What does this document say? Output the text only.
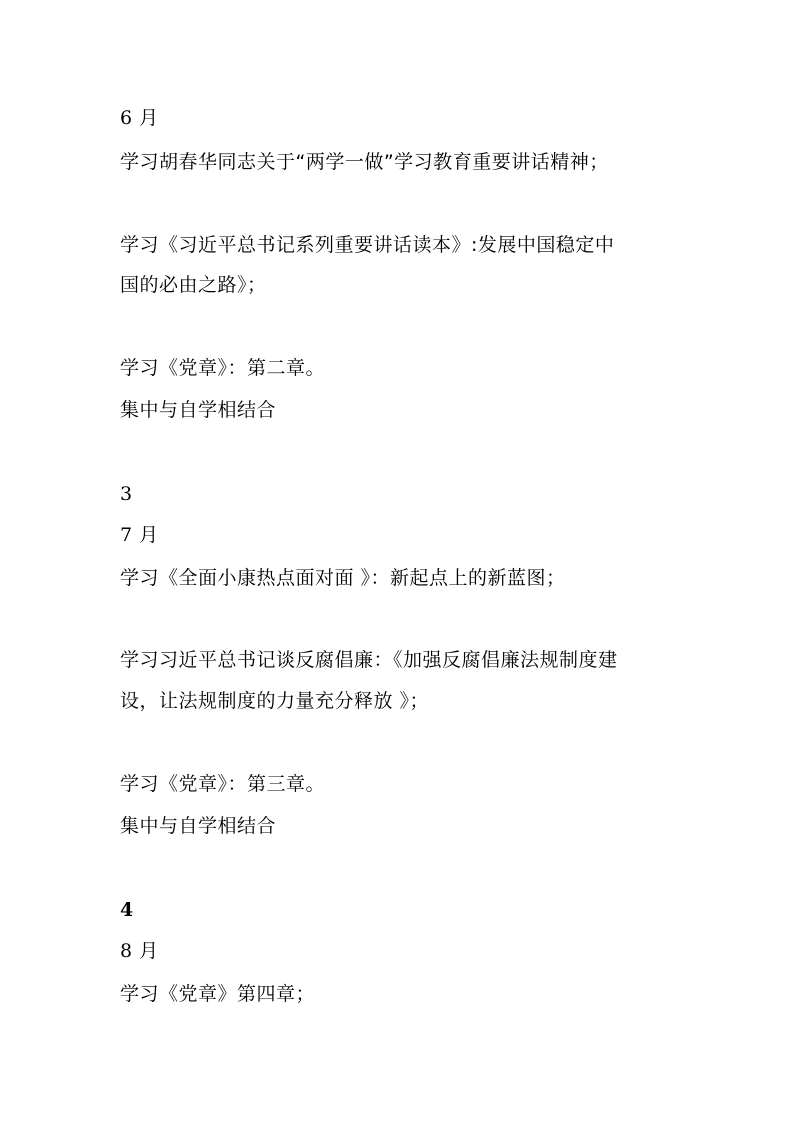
6 月
学习胡春华同志关于“两学一做”学习教育重要讲话精神；
学习《习近平总书记系列重要讲话读本》:发展中国稳定中
国的必由之路》；
学习《党章》：第二章。
集中与自学相结合
3
7 月
学习《全面小康热点面对面 》：新起点上的新蓝图；
学习习近平总书记谈反腐倡廉：《加强反腐倡廉法规制度建
设，让法规制度的力量充分释放 》；
学习《党章》：第三章。
集中与自学相结合
4
8 月
学习《党章》第四章；
